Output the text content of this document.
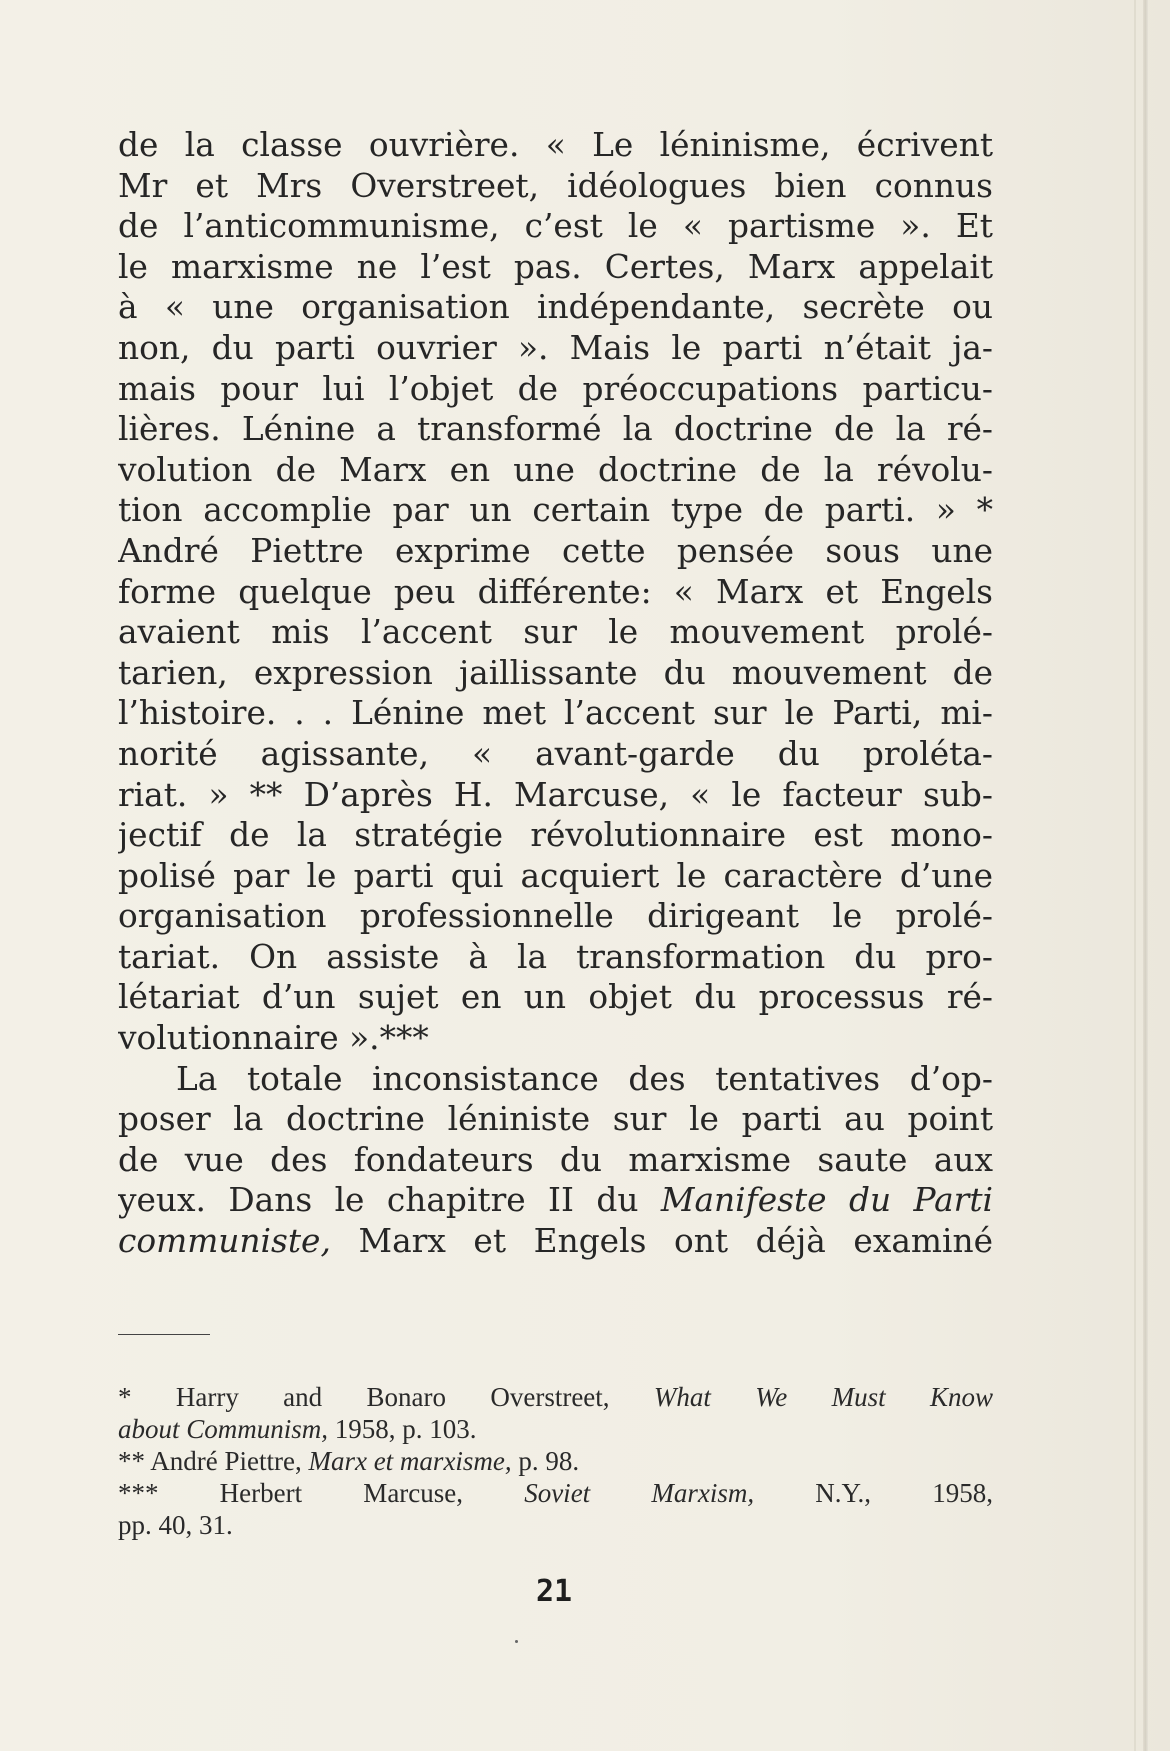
de la classe ouvrière. « Le léninisme, écrivent
Mr et Mrs Overstreet, idéologues bien connus
de l’anticommunisme, c’est le « partisme ». Et
le marxisme ne l’est pas. Certes, Marx appelait
à « une organisation indépendante, secrète ou
non, du parti ouvrier ». Mais le parti n’était ja-
mais pour lui l’objet de préoccupations particu-
lières. Lénine a transformé la doctrine de la ré-
volution de Marx en une doctrine de la révolu-
tion accomplie par un certain type de parti. » *
André Piettre exprime cette pensée sous une
forme quelque peu différente: « Marx et Engels
avaient mis l’accent sur le mouvement prolé-
tarien, expression jaillissante du mouvement de
l’histoire. . . Lénine met l’accent sur le Parti, mi-
norité agissante, « avant-garde du proléta-
riat. » ** D’après H. Marcuse, « le facteur sub-
jectif de la stratégie révolutionnaire est mono-
polisé par le parti qui acquiert le caractère d’une
organisation professionnelle dirigeant le prolé-
tariat. On assiste à la transformation du pro-
létariat d’un sujet en un objet du processus ré-
volutionnaire ».***
La totale inconsistance des tentatives d’op-
poser la doctrine léniniste sur le parti au point
de vue des fondateurs du marxisme saute aux
yeux. Dans le chapitre II du Manifeste du Parti
communiste, Marx et Engels ont déjà examiné
* Harry and Bonaro Overstreet, What We Must Know
about Communism, 1958, p. 103.
** André Piettre, Marx et marxisme, p. 98.
*** Herbert Marcuse, Soviet Marxism, N.Y., 1958,
pp. 40, 31.
21
